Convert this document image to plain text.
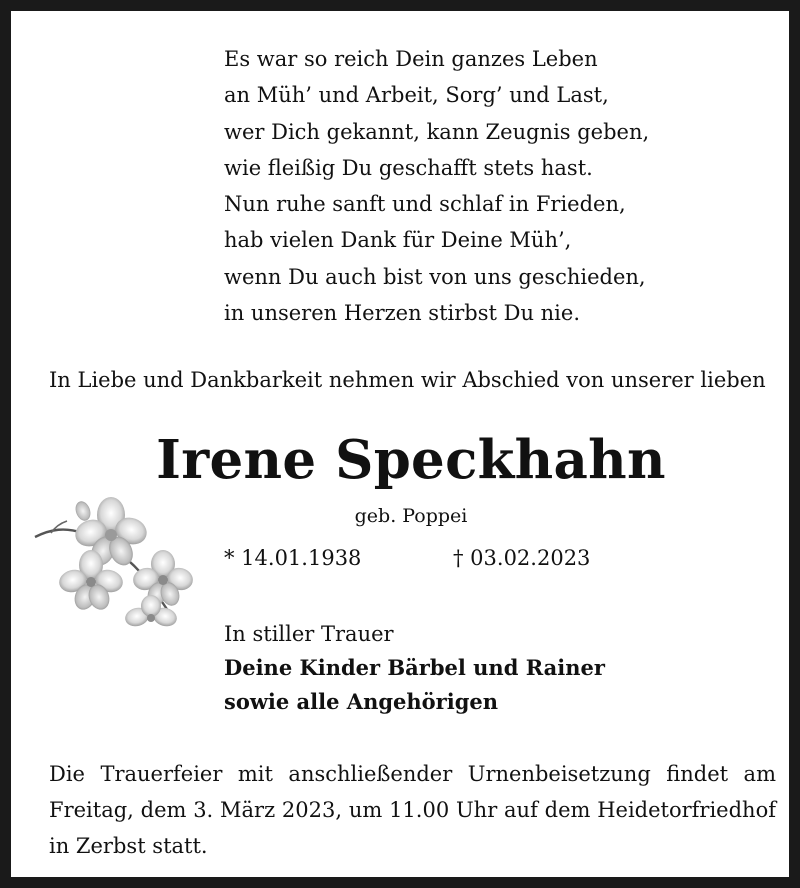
Es war so reich Dein ganzes Leben
an Müh’ und Arbeit, Sorg’ und Last,
wer Dich gekannt, kann Zeugnis geben,
wie fleißig Du geschafft stets hast.
Nun ruhe sanft und schlaf in Frieden,
hab vielen Dank für Deine Müh’,
wenn Du auch bist von uns geschieden,
in unseren Herzen stirbst Du nie.
In Liebe und Dankbarkeit nehmen wir Abschied von unserer lieben
Irene Speckhahn
geb. Poppei
* 14.01.1938	† 03.02.2023
In stiller Trauer
Deine Kinder Bärbel und Rainer
sowie alle Angehörigen
Die Trauerfeier mit anschließender Urnenbeisetzung findet am Freitag, dem 3. März 2023, um 11.00 Uhr auf dem Heidetorfriedhof in Zerbst statt.
